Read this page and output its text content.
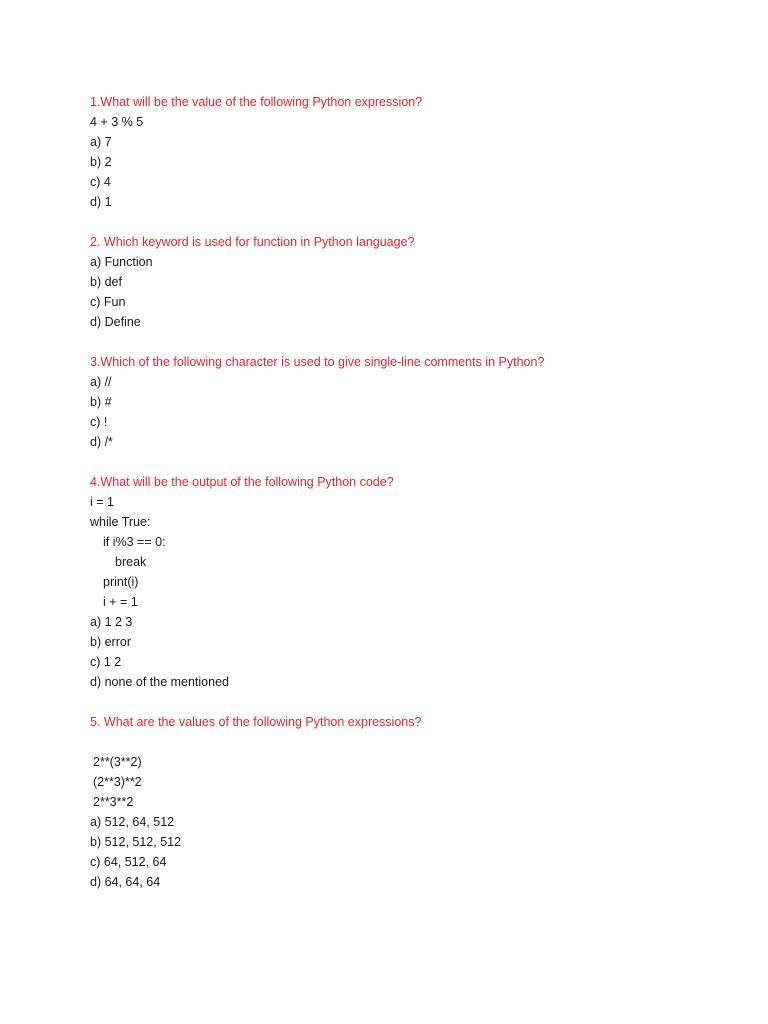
1.What will be the value of the following Python expression?
4 + 3 % 5
a) 7
b) 2
c) 4
d) 1
2. Which keyword is used for function in Python language?
a) Function
b) def
c) Fun
d) Define
3.Which of the following character is used to give single-line comments in Python?
a) //
b) #
c) !
d) /*
4.What will be the output of the following Python code?
i = 1
while True:
if i%3 == 0:
break
print(i)
i + = 1
a) 1 2 3
b) error
c) 1 2
d) none of the mentioned
5. What are the values of the following Python expressions?
2**(3**2)
(2**3)**2
2**3**2
a) 512, 64, 512
b) 512, 512, 512
c) 64, 512, 64
d) 64, 64, 64
